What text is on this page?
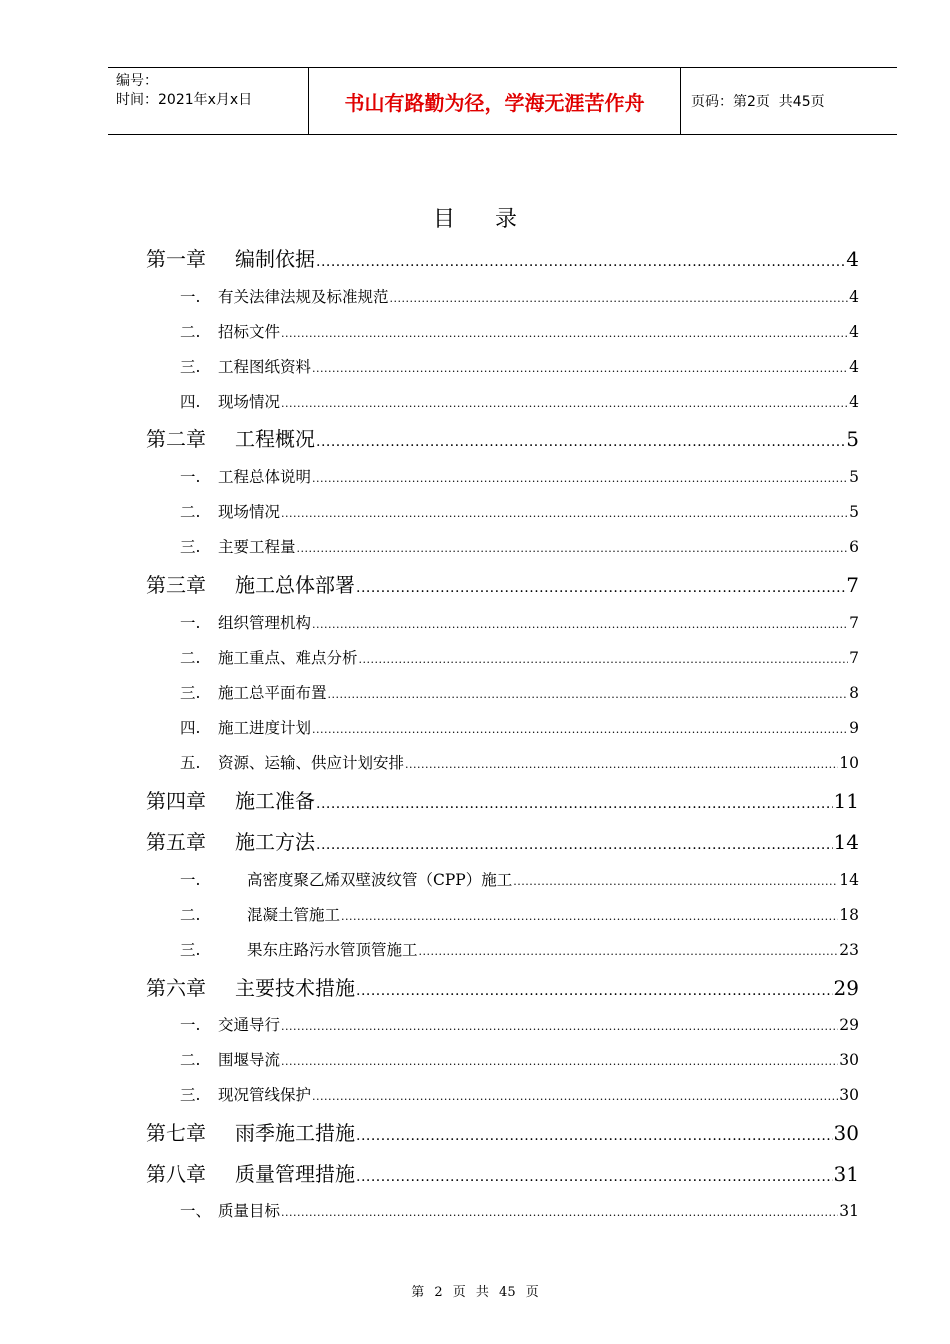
编号：
时间：2021年x月x日	书山有路勤为径，学海无涯苦作舟	页码：第2页  共45页
目录
第一章	编制依据 .....	4
一.	有关法律法规及标准规范 .....	4
二.	招标文件 .....	4
三.	工程图纸资料 .....	4
四.	现场情况 .....	4
第二章	工程概况 .....	5
一.	工程总体说明 .....	5
二.	现场情况 .....	5
三.	主要工程量 .....	6
第三章	施工总体部署 .....	7
一.	组织管理机构 .....	7
二.	施工重点、难点分析 .....	7
三.	施工总平面布置 .....	8
四.	施工进度计划 .....	9
五.	资源、运输、供应计划安排 .....	10
第四章	施工准备 .....	11
第五章	施工方法 .....	14
一.	高密度聚乙烯双壁波纹管（CPP）施工 .....	14
二.	混凝土管施工 .....	18
三.	果东庄路污水管顶管施工 .....	23
第六章	主要技术措施 .....	29
一.	交通导行 .....	29
二.	围堰导流 .....	30
三.	现况管线保护 .....	30
第七章	雨季施工措施 .....	30
第八章	质量管理措施 .....	31
一、 质量目标 .....	31
第 2 页 共 45 页
